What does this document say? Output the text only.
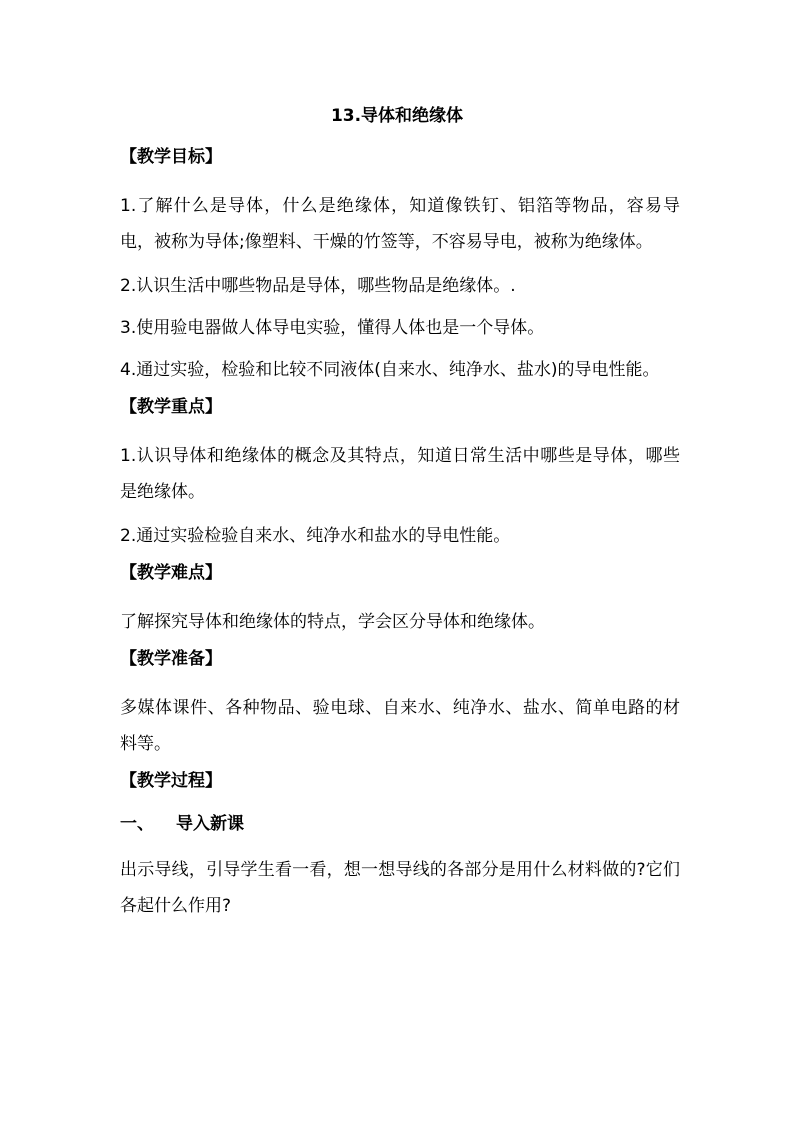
13.导体和绝缘体
【教学目标】
1.了解什么是导体，什么是绝缘体，知道像铁钉、铝箔等物品，容易导电，被称为导体;像塑料、干燥的竹签等，不容易导电，被称为绝缘体。
2.认识生活中哪些物品是导体，哪些物品是绝缘体。.
3.使用验电器做人体导电实验，懂得人体也是一个导体。
4.通过实验，检验和比较不同液体(自来水、纯净水、盐水)的导电性能。
【教学重点】
1.认识导体和绝缘体的概念及其特点，知道日常生活中哪些是导体，哪些是绝缘体。
2.通过实验检验自来水、纯净水和盐水的导电性能。
【教学难点】
了解探究导体和绝缘体的特点，学会区分导体和绝缘体。
【教学准备】
多媒体课件、各种物品、验电球、自来水、纯净水、盐水、简单电路的材料等。
【教学过程】
一、 导入新课
出示导线，引导学生看一看，想一想导线的各部分是用什么材料做的?它们各起什么作用?
